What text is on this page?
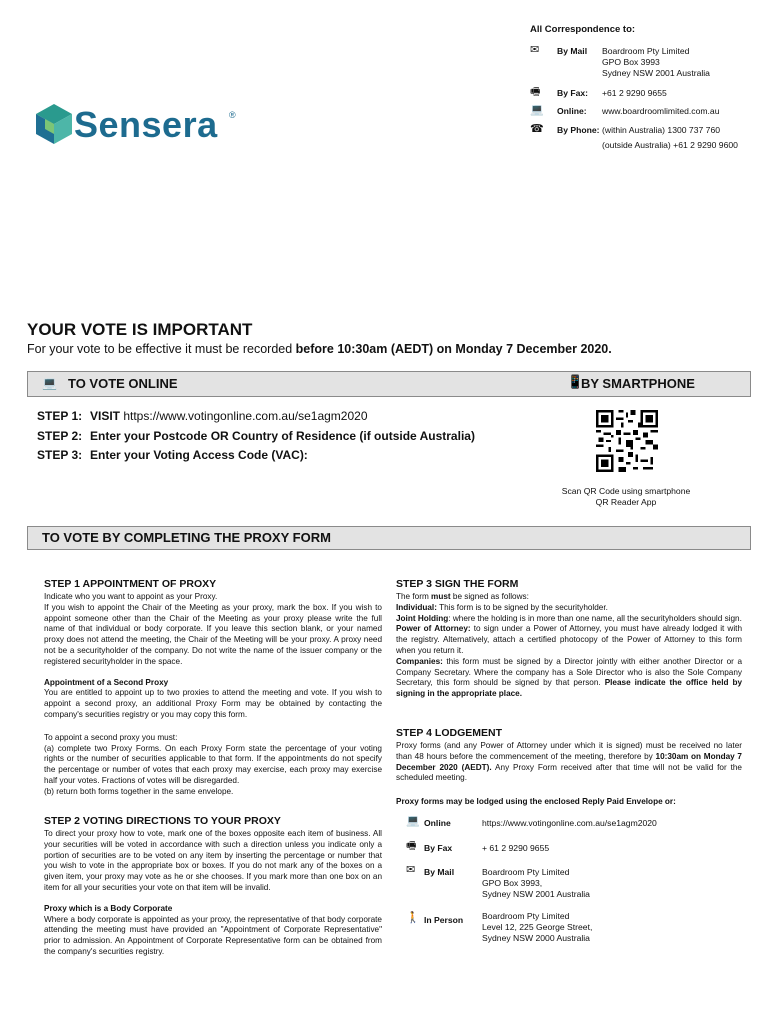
All Correspondence to:
✉	By Mail Boardroom Pty Limited
GPO Box 3993
Sydney NSW 2001 Australia
🖷	By Fax: +61 2 9290 9655
💻 Online: www.boardroomlimited.com.au
☎ By Phone: (within Australia) 1300 737 760
(outside Australia) +61 2 9290 9600
Sensera ®
YOUR VOTE IS IMPORTANT
For your vote to be effective it must be recorded before 10:30am (AEDT) on Monday 7 December 2020.
💻 TO VOTE ONLINE	📱
BY SMARTPHONE
STEP 1: VISIT https://www.votingonline.com.au/se1agm2020
STEP 2: Enter your Postcode OR Country of Residence (if outside Australia)
STEP 3: Enter your Voting Access Code (VAC):
Scan QR Code using smartphone
QR Reader App
TO VOTE BY COMPLETING THE PROXY FORM
STEP 1 APPOINTMENT OF PROXY

Indicate who you want to appoint as your Proxy.

If you wish to appoint the Chair of the Meeting as your proxy, mark the box. If you wish to appoint someone other than the Chair of the Meeting as your proxy please write the full name of that individual or body corporate. If you leave this section blank, or your named proxy does not attend the meeting, the Chair of the Meeting will be your proxy. A proxy need not be a securityholder of the company. Do not write the name of the issuer company or the registered securityholder in the space.

Appointment of a Second Proxy

You are entitled to appoint up to two proxies to attend the meeting and vote. If you wish to appoint a second proxy, an additional Proxy Form may be obtained by contacting the company's securities registry or you may copy this form.

To appoint a second proxy you must:

(a) complete two Proxy Forms. On each Proxy Form state the percentage of your voting rights or the number of securities applicable to that form. If the appointments do not specify the percentage or number of votes that each proxy may exercise, each proxy may exercise half your votes. Fractions of votes will be disregarded.

(b) return both forms together in the same envelope.

STEP 2 VOTING DIRECTIONS TO YOUR PROXY

To direct your proxy how to vote, mark one of the boxes opposite each item of business. All your securities will be voted in accordance with such a direction unless you indicate only a portion of securities are to be voted on any item by inserting the percentage or number that you wish to vote in the appropriate box or boxes. If you do not mark any of the boxes on a given item, your proxy may vote as he or she chooses. If you mark more than one box on an item for all your securities your vote on that item will be invalid.

Proxy which is a Body Corporate

Where a body corporate is appointed as your proxy, the representative of that body corporate attending the meeting must have provided an "Appointment of Corporate Representative" prior to admission. An Appointment of Corporate Representative form can be obtained from the company's securities registry.

STEP 3 SIGN THE FORM

The form must be signed as follows:

Individual: This form is to be signed by the securityholder.

Joint Holding: where the holding is in more than one name, all the securityholders should sign.

Power of Attorney: to sign under a Power of Attorney, you must have already lodged it with the registry. Alternatively, attach a certified photocopy of the Power of Attorney to this form when you return it.

Companies: this form must be signed by a Director jointly with either another Director or a Company Secretary. Where the company has a Sole Director who is also the Sole Company Secretary, this form should be signed by that person. Please indicate the office held by signing in the appropriate place.

STEP 4 LODGEMENT

Proxy forms (and any Power of Attorney under which it is signed) must be received no later than 48 hours before the commencement of the meeting, therefore by 10:30am on Monday 7 December 2020 (AEDT). Any Proxy Form received after that time will not be valid for the scheduled meeting.

Proxy forms may be lodged using the enclosed Reply Paid Envelope or:
💻 Online	https://www.votingonline.com.au/se1agm2020
🖷 By Fax	+ 61 2 9290 9655
✉ By Mail	Boardroom Pty Limited
GPO Box 3993,
Sydney NSW 2001 Australia
🚶 In Person Boardroom Pty Limited
Level 12, 225 George Street,
Sydney NSW 2000 Australia
